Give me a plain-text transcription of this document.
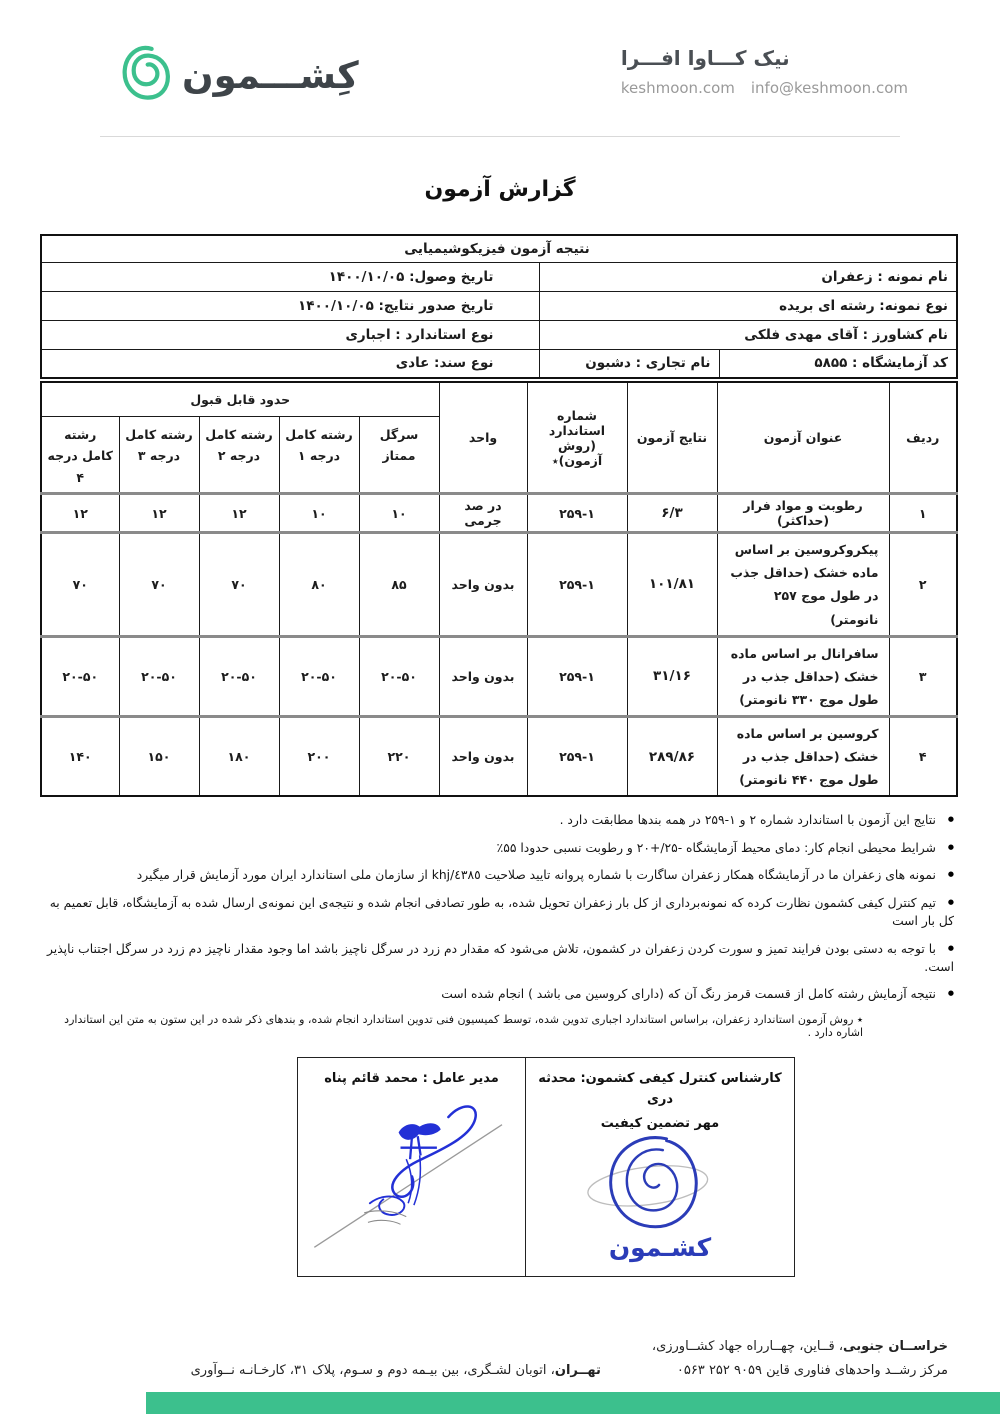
نیک کـــاوا افـــرا
keshmoon.com info@keshmoon.com
کِشـــمون
گزارش آزمون
نتیجه آزمون فیزیکوشیمیایی		
نام نمونه : زعفران		تاریخ وصول: ۱۴۰۰/۱۰/۰۵
نوع نمونه: رشته ای بریده		تاریخ صدور نتایج: ۱۴۰۰/۱۰/۰۵
نام کشاورز : آقای مهدی فلکی		نوع استاندارد : اجباری
کد آزمایشگاه : ۵۸۵۵	نام تجاری : دشبون	نوع سند: عادی
ردیف	عنوان آزمون	نتایج آزمون	شماره استاندارد (روش آزمون)٭	واحد	حدود قابل قبول				
					سرگل ممتاز	رشته کامل درجه ۱	رشته کامل درجه ۲	رشته کامل درجه ۳	رشته کامل درجه ۴
۱	رطوبت و مواد فرار (حداکثر)	۶/۳	۲۵۹-۱	در صد جرمی	۱۰	۱۰	۱۲	۱۲	۱۲
۲	پیکروکروسین بر اساس ماده خشک (حداقل جذب در طول موج ۲۵۷ نانومتر)	۱۰۱/۸۱	۲۵۹-۱	بدون واحد	۸۵	۸۰	۷۰	۷۰	۷۰
۳	سافرانال بر اساس ماده خشک (حداقل جذب در طول موج ۳۳۰ نانومتر)	۳۱/۱۶	۲۵۹-۱	بدون واحد	۲۰-۵۰	۲۰-۵۰	۲۰-۵۰	۲۰-۵۰	۲۰-۵۰
۴	کروسین بر اساس ماده خشک (حداقل جذب در طول موج ۴۴۰ نانومتر)	۲۸۹/۸۶	۲۵۹-۱	بدون واحد	۲۲۰	۲۰۰	۱۸۰	۱۵۰	۱۴۰
● نتایج این آزمون با استاندارد شماره ۲ و ۱-۲۵۹ در همه بندها مطابقت دارد .
● شرایط محیطی انجام کار: دمای محیط آزمایشگاه -۲۵/+۲۰ و رطوبت نسبی حدودا ۵۵٪
● نمونه های زعفران ما در آزمایشگاه همکار زعفران ساگارت با شماره پروانه تایید صلاحیت ٤٣٨٥/khj از سازمان ملی استاندارد ایران مورد آزمایش قرار میگیرد
● تیم کنترل کیفی کشمون نظارت کرده که نمونه‌برداری از کل بار زعفران تحویل شده، به طور تصادفی انجام شده و نتیجه‌ی این نمونه‌ی ارسال شده به آزمایشگاه، قابل تعمیم به کل بار است
● با توجه به دستی بودن فرایند تمیز و سورت کردن زعفران در کشمون، تلاش می‌شود که مقدار دم زرد در سرگل ناچیز باشد اما وجود مقدار ناچیز دم زرد در سرگل اجتناب ناپذیر است.
● نتیجه آزمایش رشته کامل از قسمت قرمز رنگ آن که (دارای کروسین می باشد ) انجام شده است
٭ روش آزمون استاندارد زعفران، براساس استاندارد اجباری تدوین شده، توسط کمیسیون فنی تدوین استاندارد انجام شده، و بندهای ذکر شده در این ستون به متن این استاندارد اشاره دارد .
کارشناس کنترل کیفی کشمون: محدثه دری
مهر تضمین کیفیت
کشـمون

مدیر عامل : محمد قائم پناه
خراســان جنوبی، قــاین، چهــارراه جهاد کشــاورزی،
مرکز رشــد واحدهای فناوری قاین ۹۰۵۹ ۲۵۲ ۰۵۶۳
تهــران، اتوبان لشـگری، بین بیـمه دوم و سـوم، پلاک ۳۱، کارخـانـه نــوآوری
